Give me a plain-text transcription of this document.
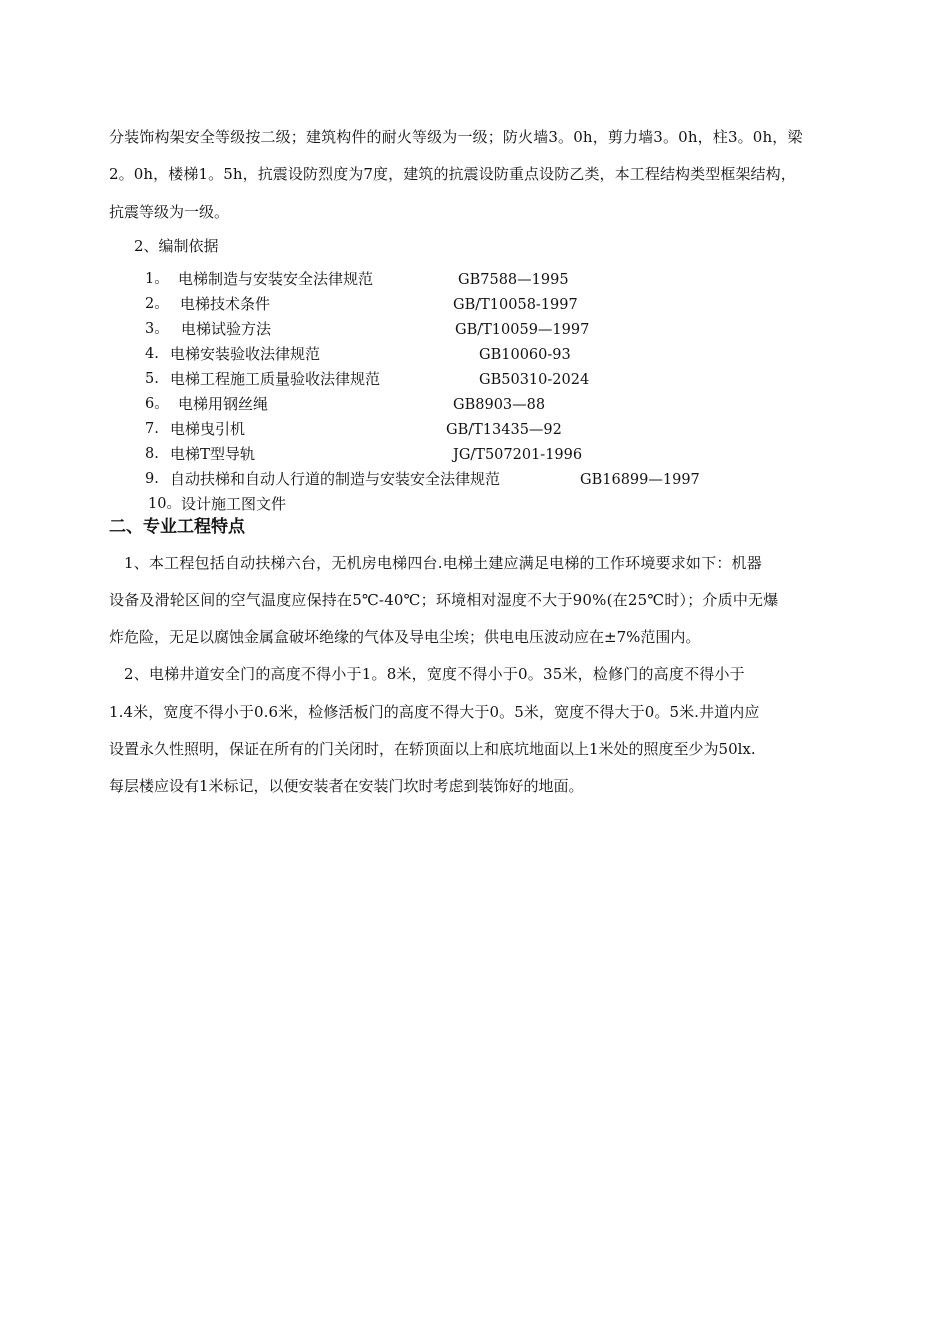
分装饰构架安全等级按二级；建筑构件的耐火等级为一级；防火墙3。0h，剪力墙3。0h，柱3。0h，梁
2。0h，楼梯1。5h，抗震设防烈度为7度，建筑的抗震设防重点设防乙类，本工程结构类型框架结构，
抗震等级为一级。
2、编制依据
1。 电梯制造与安装安全法律规范	GB7588—1995
2。 电梯技术条件	GB/T10058-1997
3。 电梯试验方法	GB/T10059—1997
4. 电梯安装验收法律规范	GB10060-93
5. 电梯工程施工质量验收法律规范	GB50310-2024
6。 电梯用钢丝绳	GB8903—88
7. 电梯曳引机	GB/T13435—92
8. 电梯T型导轨	JG/T507201-1996
9. 自动扶梯和自动人行道的制造与安装安全法律规范	GB16899—1997
10。 设计施工图文件
二、专业工程特点
1、本工程包括自动扶梯六台，无机房电梯四台.电梯土建应满足电梯的工作环境要求如下：机器
设备及滑轮区间的空气温度应保持在5℃-40℃；环境相对湿度不大于90%(在25℃时）；介质中无爆
炸危险，无足以腐蚀金属盒破坏绝缘的气体及导电尘埃；供电电压波动应在±7%范围内。
2、电梯井道安全门的高度不得小于1。8米，宽度不得小于0。35米，检修门的高度不得小于
1.4米，宽度不得小于0.6米，检修活板门的高度不得大于0。5米，宽度不得大于0。5米.井道内应
设置永久性照明，保证在所有的门关闭时，在轿顶面以上和底坑地面以上1米处的照度至少为50lx.
每层楼应设有1米标记，以便安装者在安装门坎时考虑到装饰好的地面。
